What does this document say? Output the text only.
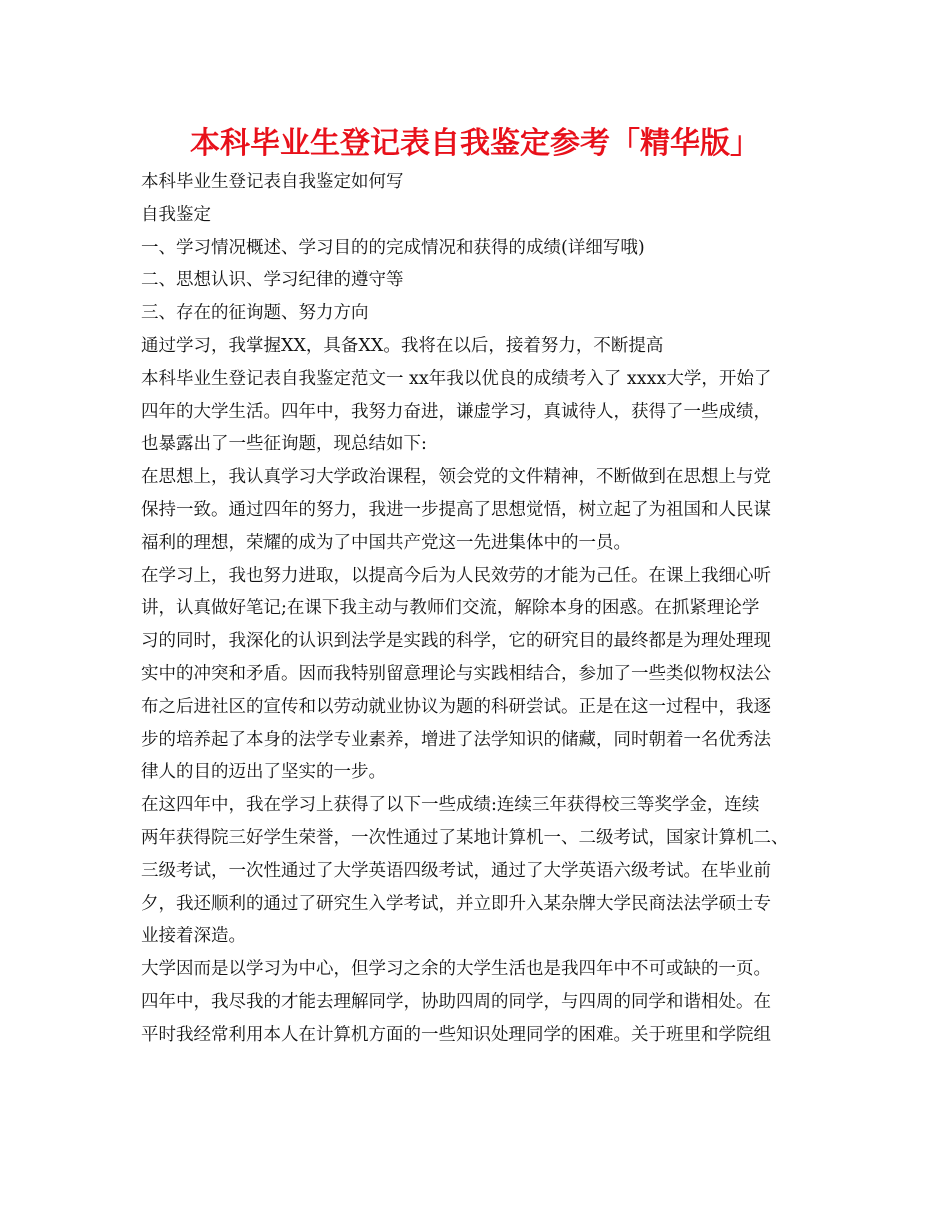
本科毕业生登记表自我鉴定参考「精华版」
本科毕业生登记表自我鉴定如何写
自我鉴定
一、学习情况概述、学习目的的完成情况和获得的成绩(详细写哦)
二、思想认识、学习纪律的遵守等
三、存在的征询题、努力方向
通过学习，我掌握XX，具备XX。我将在以后，接着努力，不断提高
本科毕业生登记表自我鉴定范文一 xx年我以优良的成绩考入了 xxxx大学，开始了
四年的大学生活。四年中，我努力奋进，谦虚学习，真诚待人，获得了一些成绩，
也暴露出了一些征询题，现总结如下:
在思想上，我认真学习大学政治课程，领会党的文件精神，不断做到在思想上与党
保持一致。通过四年的努力，我进一步提高了思想觉悟，树立起了为祖国和人民谋
福利的理想，荣耀的成为了中国共产党这一先进集体中的一员。
在学习上，我也努力进取，以提高今后为人民效劳的才能为己任。在课上我细心听
讲，认真做好笔记;在课下我主动与教师们交流，解除本身的困惑。在抓紧理论学
习的同时，我深化的认识到法学是实践的科学，它的研究目的最终都是为理处理现
实中的冲突和矛盾。因而我特别留意理论与实践相结合，参加了一些类似物权法公
布之后进社区的宣传和以劳动就业协议为题的科研尝试。正是在这一过程中，我逐
步的培养起了本身的法学专业素养，增进了法学知识的储藏，同时朝着一名优秀法
律人的目的迈出了坚实的一步。
在这四年中，我在学习上获得了以下一些成绩:连续三年获得校三等奖学金，连续
两年获得院三好学生荣誉，一次性通过了某地计算机一、二级考试，国家计算机二、
三级考试，一次性通过了大学英语四级考试，通过了大学英语六级考试。在毕业前
夕，我还顺利的通过了研究生入学考试，并立即升入某杂牌大学民商法法学硕士专
业接着深造。
大学因而是以学习为中心，但学习之余的大学生活也是我四年中不可或缺的一页。
四年中，我尽我的才能去理解同学，协助四周的同学，与四周的同学和谐相处。在
平时我经常利用本人在计算机方面的一些知识处理同学的困难。关于班里和学院组
